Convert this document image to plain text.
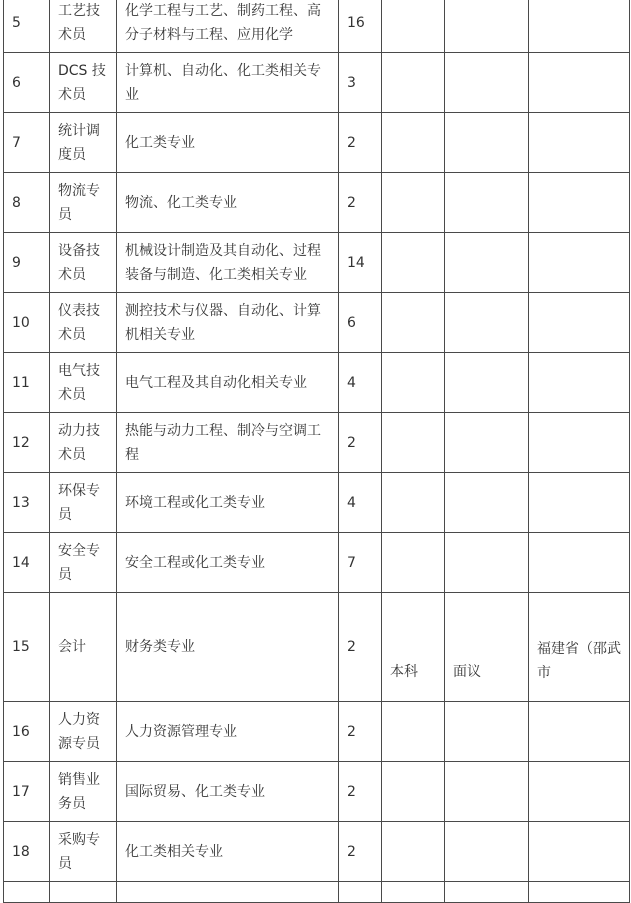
5	工艺技术员	化学工程与工艺、制药工程、高分子材料与工程、应用化学	16			
6	DCS 技术员	计算机、自动化、化工类相关专业	3			
7	统计调度员	化工类专业	2			
8	物流专员	物流、化工类专业	2			
9	设备技术员	机械设计制造及其自动化、过程装备与制造、化工类相关专业	14			
10	仪表技术员	测控技术与仪器、自动化、计算机相关专业	6			
11	电气技术员	电气工程及其自动化相关专业	4			
12	动力技术员	热能与动力工程、制冷与空调工程	2			
13	环保专员	环境工程或化工类专业	4			
14	安全专员	安全工程或化工类专业	7			
15	会计	财务类专业	2	本科	面议	福建省（邵武市

16	人力资源专员	人力资源管理专业	2			
17	销售业务员	国际贸易、化工类专业	2			
18	采购专员	化工类相关专业	2			
